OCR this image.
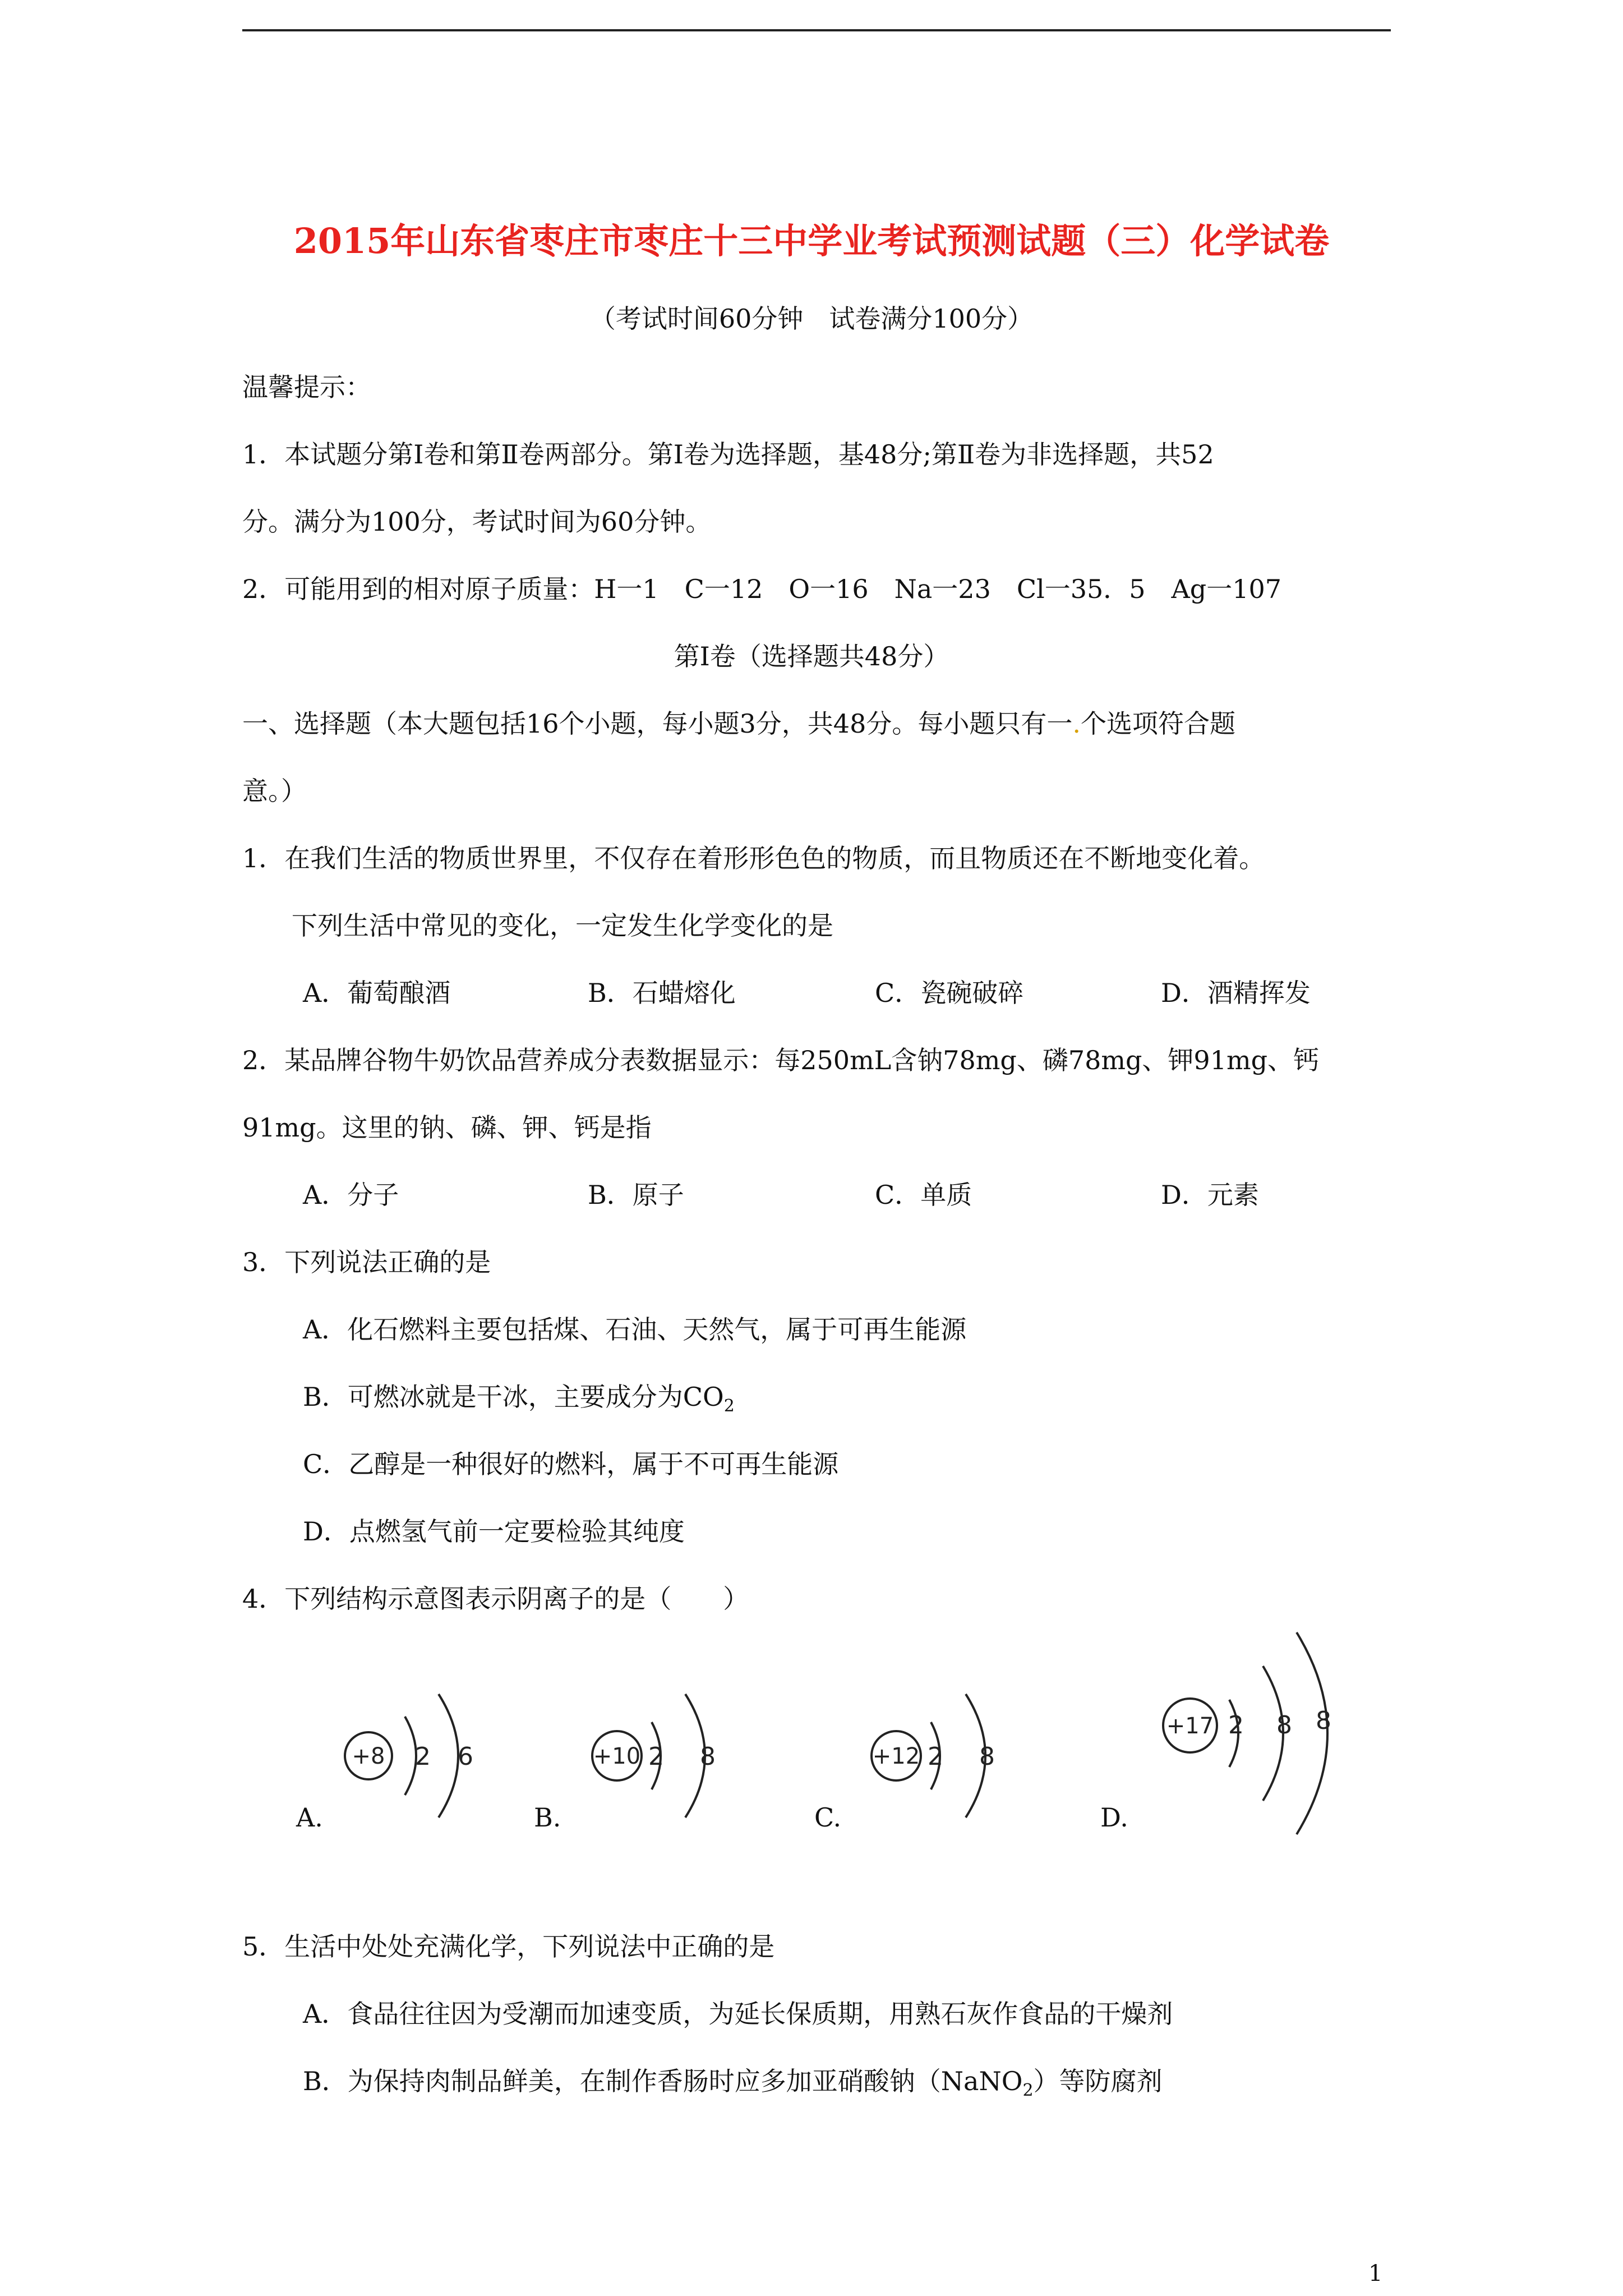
2015年山东省枣庄市枣庄十三中学业考试预测试题（三）化学试卷
（考试时间60分钟　试卷满分100分）
温馨提示：
1．本试题分第Ⅰ卷和第Ⅱ卷两部分。第Ⅰ卷为选择题，基48分;第Ⅱ卷为非选择题，共52
分。满分为100分，考试时间为60分钟。
2．可能用到的相对原子质量：H一1　C一12　O一16　Na一23　Cl一35．5　Ag一107
第Ⅰ卷（选择题共48分）
一、选择题（本大题包括16个小题，每小题3分，共48分。每小题只有一.个选项符合题
意。）
1．在我们生活的物质世界里，不仅存在着形形色色的物质，而且物质还在不断地变化着。
下列生活中常见的变化，一定发生化学变化的是
A．葡萄酿酒	B．石蜡熔化	C．瓷碗破碎	D．酒精挥发
2．某品牌谷物牛奶饮品营养成分表数据显示：每250mL含钠78mg、磷78mg、钾91mg、钙
91mg。这里的钠、磷、钾、钙是指
A．分子	B．原子	C．单质	D．元素
3．下列说法正确的是
A．化石燃料主要包括煤、石油、天然气，属于可再生能源
B．可燃冰就是干冰，主要成分为$CO_2$
C．乙醇是一种很好的燃料，属于不可再生能源
D．点燃氢气前一定要检验其纯度
4．下列结构示意图表示阴离子的是（　　）
+8 2 6	+10 2 8	+12 2 8
+17 2 8 8
A.	B.	C.	D.
5．生活中处处充满化学，下列说法中正确的是
A．食品往往因为受潮而加速变质，为延长保质期，用熟石灰作食品的干燥剂
B．为保持肉制品鲜美，在制作香肠时应多加亚硝酸钠（NaNO$_2$）等防腐剂
1
